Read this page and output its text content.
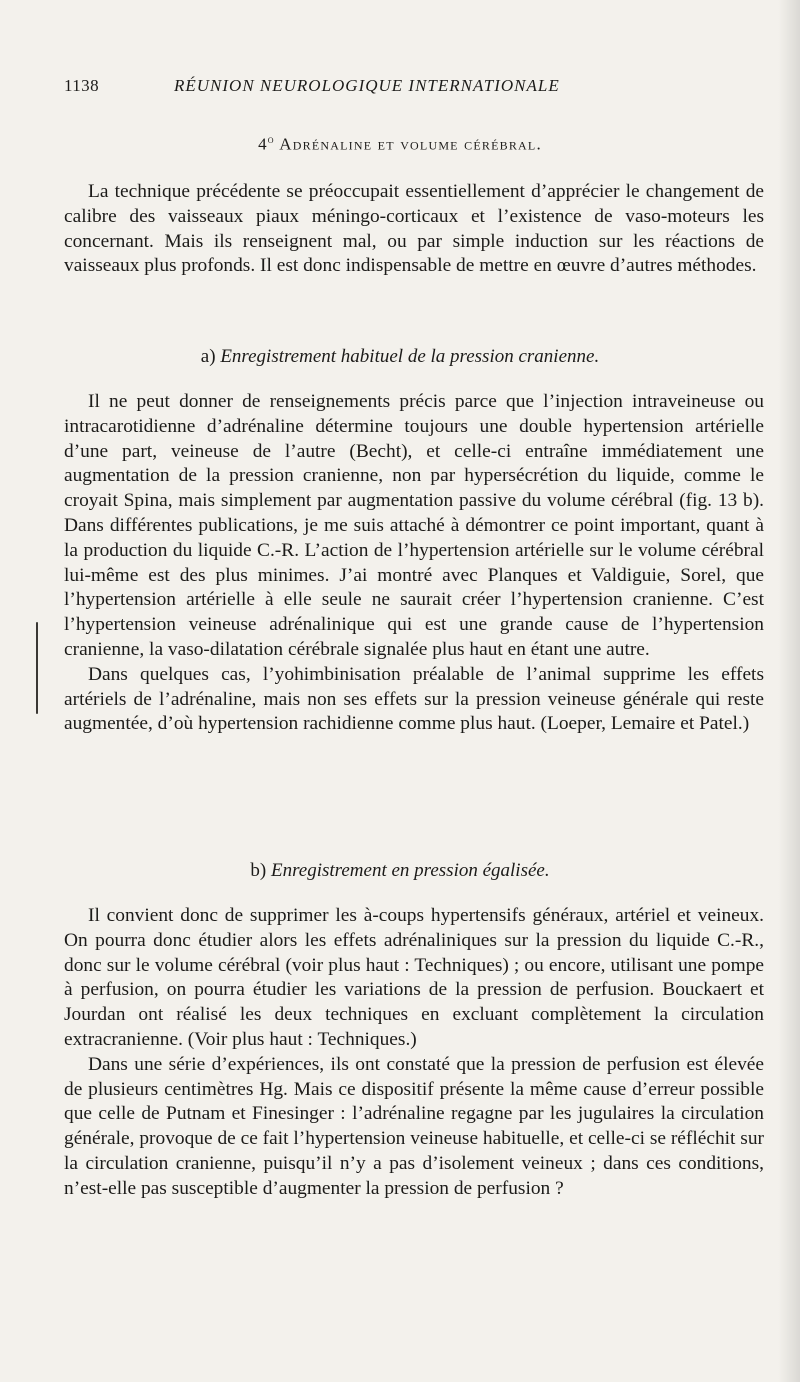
1138	RÉUNION NEUROLOGIQUE INTERNATIONALE
4$^o$ Adrénaline et volume cérébral.

La technique précédente se préoccupait essentiellement d’apprécier le changement de calibre des vaisseaux piaux méningo-corticaux et l’existence de vaso-moteurs les concernant. Mais ils renseignent mal, ou par simple induction sur les réactions de vaisseaux plus profonds. Il est donc indispensable de mettre en œuvre d’autres méthodes.

a) Enregistrement habituel de la pression cranienne.

Il ne peut donner de renseignements précis parce que l’injection intraveineuse ou intracarotidienne d’adrénaline détermine toujours une double hypertension artérielle d’une part, veineuse de l’autre (Becht), et celle-ci entraîne immédiatement une augmentation de la pression cranienne, non par hypersécrétion du liquide, comme le croyait Spina, mais simplement par augmentation passive du volume cérébral (fig. 13 b). Dans différentes publications, je me suis attaché à démontrer ce point important, quant à la production du liquide C.-R. L’action de l’hypertension artérielle sur le volume cérébral lui-même est des plus minimes. J’ai montré avec Planques et Valdiguie, Sorel, que l’hypertension artérielle à elle seule ne saurait créer l’hypertension cranienne. C’est l’hypertension veineuse adrénalinique qui est une grande cause de l’hypertension cranienne, la vaso-dilatation cérébrale signalée plus haut en étant une autre.

Dans quelques cas, l’yohimbinisation préalable de l’animal supprime les effets artériels de l’adrénaline, mais non ses effets sur la pression veineuse générale qui reste augmentée, d’où hypertension rachidienne comme plus haut. (Loeper, Lemaire et Patel.)

b) Enregistrement en pression égalisée.

Il convient donc de supprimer les à-coups hypertensifs généraux, artériel et veineux. On pourra donc étudier alors les effets adrénaliniques sur la pression du liquide C.-R., donc sur le volume cérébral (voir plus haut : Techniques) ; ou encore, utilisant une pompe à perfusion, on pourra étudier les variations de la pression de perfusion. Bouckaert et Jourdan ont réalisé les deux techniques en excluant complètement la circulation extracranienne. (Voir plus haut : Techniques.)

Dans une série d’expériences, ils ont constaté que la pression de perfusion est élevée de plusieurs centimètres Hg. Mais ce dispositif présente la même cause d’erreur possible que celle de Putnam et Finesinger : l’adrénaline regagne par les jugulaires la circulation générale, provoque de ce fait l’hypertension veineuse habituelle, et celle-ci se réfléchit sur la circulation cranienne, puisqu’il n’y a pas d’isolement veineux ; dans ces conditions, n’est-elle pas susceptible d’augmenter la pression de perfusion ?
